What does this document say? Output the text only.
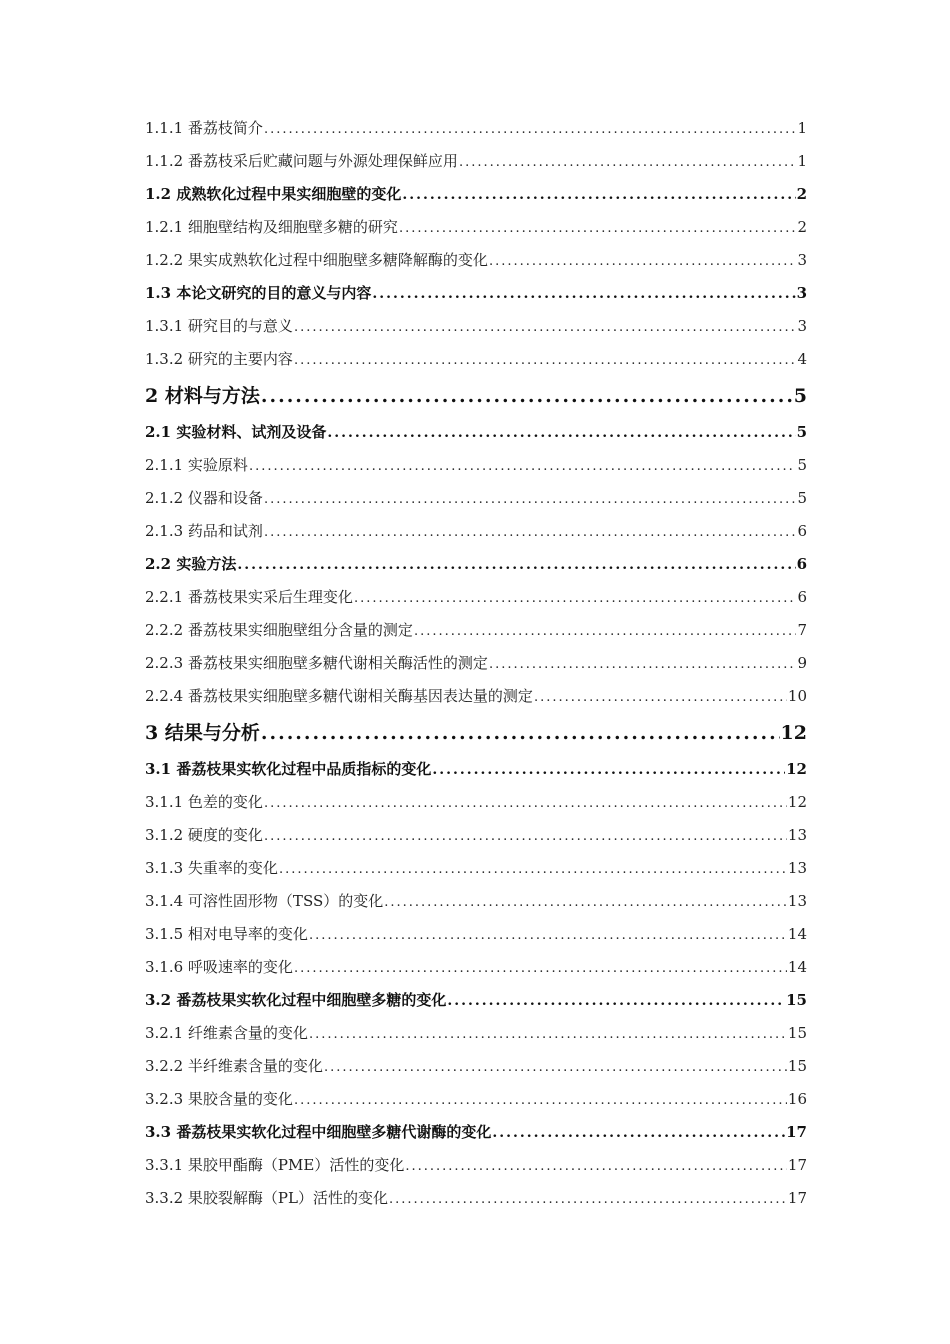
1.1.1 番荔枝简介 .....	1
1.1.2 番荔枝采后贮藏问题与外源处理保鲜应用 .....	1
1.2 成熟软化过程中果实细胞壁的变化 .....	2
1.2.1 细胞壁结构及细胞壁多糖的研究 .....	2
1.2.2 果实成熟软化过程中细胞壁多糖降解酶的变化 .....	3
1.3 本论文研究的目的意义与内容 .....	3
1.3.1 研究目的与意义 .....	3
1.3.2 研究的主要内容 .....	4
2 材料与方法 .....	5
2.1 实验材料、试剂及设备 .....	5
2.1.1 实验原料 .....	5
2.1.2 仪器和设备 .....	5
2.1.3 药品和试剂 .....	6
2.2 实验方法 .....	6
2.2.1 番荔枝果实采后生理变化 .....	6
2.2.2 番荔枝果实细胞壁组分含量的测定 .....	7
2.2.3 番荔枝果实细胞壁多糖代谢相关酶活性的测定 .....	9
2.2.4 番荔枝果实细胞壁多糖代谢相关酶基因表达量的测定 .....	10
3 结果与分析 .....	12
3.1 番荔枝果实软化过程中品质指标的变化 .....	12
3.1.1 色差的变化 .....	12
3.1.2 硬度的变化 .....	13
3.1.3 失重率的变化 .....	13
3.1.4 可溶性固形物（TSS）的变化 .....	13
3.1.5 相对电导率的变化 .....	14
3.1.6 呼吸速率的变化 .....	14
3.2 番荔枝果实软化过程中细胞壁多糖的变化 .....	15
3.2.1 纤维素含量的变化 .....	15
3.2.2 半纤维素含量的变化 .....	15
3.2.3 果胶含量的变化 .....	16
3.3 番荔枝果实软化过程中细胞壁多糖代谢酶的变化 .....	17
3.3.1 果胶甲酯酶（PME）活性的变化 .....	17
3.3.2 果胶裂解酶（PL）活性的变化 .....	17
